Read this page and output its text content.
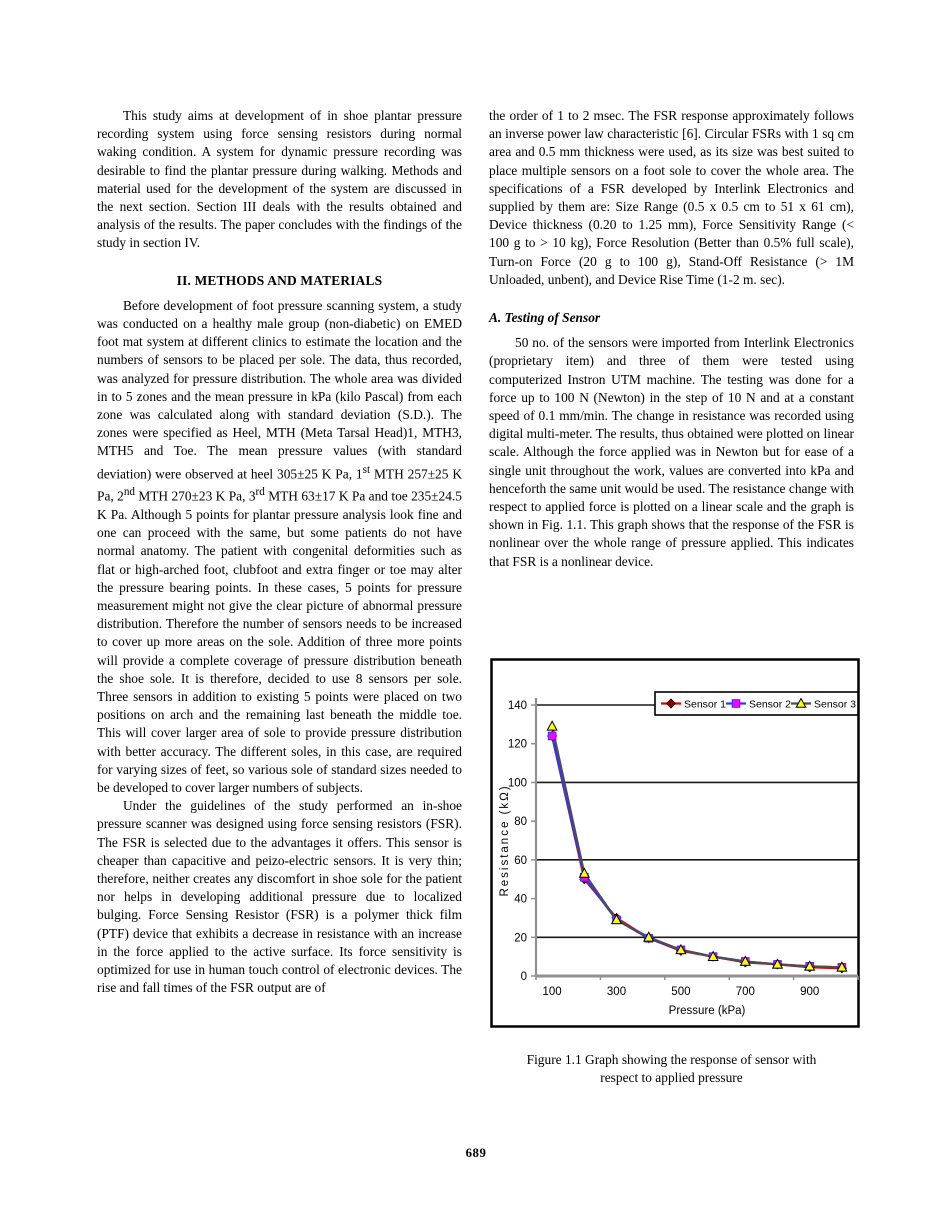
This study aims at development of in shoe plantar pressure recording system using force sensing resistors during normal waking condition. A system for dynamic pressure recording was desirable to find the plantar pressure during walking. Methods and material used for the development of the system are discussed in the next section. Section III deals with the results obtained and analysis of the results. The paper concludes with the findings of the study in section IV.

II. METHODS AND MATERIALS

Before development of foot pressure scanning system, a study was conducted on a healthy male group (non-diabetic) on EMED foot mat system at different clinics to estimate the location and the numbers of sensors to be placed per sole. The data, thus recorded, was analyzed for pressure distribution. The whole area was divided in to 5 zones and the mean pressure in kPa (kilo Pascal) from each zone was calculated along with standard deviation (S.D.). The zones were specified as Heel, MTH (Meta Tarsal Head)1, MTH3, MTH5 and Toe. The mean pressure values (with standard deviation) were observed at heel 305±25 K Pa, 1st MTH 257±25 K Pa, 2nd MTH 270±23 K Pa, 3rd MTH 63±17 K Pa and toe 235±24.5 K Pa. Although 5 points for plantar pressure analysis look fine and one can proceed with the same, but some patients do not have normal anatomy. The patient with congenital deformities such as flat or high-arched foot, clubfoot and extra finger or toe may alter the pressure bearing points. In these cases, 5 points for pressure measurement might not give the clear picture of abnormal pressure distribution. Therefore the number of sensors needs to be increased to cover up more areas on the sole. Addition of three more points will provide a complete coverage of pressure distribution beneath the shoe sole. It is therefore, decided to use 8 sensors per sole. Three sensors in addition to existing 5 points were placed on two positions on arch and the remaining last beneath the middle toe. This will cover larger area of sole to provide pressure distribution with better accuracy. The different soles, in this case, are required for varying sizes of feet, so various sole of standard sizes needed to be developed to cover larger numbers of subjects.

Under the guidelines of the study performed an in-shoe pressure scanner was designed using force sensing resistors (FSR). The FSR is selected due to the advantages it offers. This sensor is cheaper than capacitive and peizo-electric sensors. It is very thin; therefore, neither creates any discomfort in shoe sole for the patient nor helps in developing additional pressure due to localized bulging. Force Sensing Resistor (FSR) is a polymer thick film (PTF) device that exhibits a decrease in resistance with an increase in the force applied to the active surface. Its force sensitivity is optimized for use in human touch control of electronic devices. The rise and fall times of the FSR output are of

the order of 1 to 2 msec. The FSR response approximately follows an inverse power law characteristic [6]. Circular FSRs with 1 sq cm area and 0.5 mm thickness were used, as its size was best suited to place multiple sensors on a foot sole to cover the whole area. The specifications of a FSR developed by Interlink Electronics and supplied by them are: Size Range (0.5 x 0.5 cm to 51 x 61 cm), Device thickness (0.20 to 1.25 mm), Force Sensitivity Range (< 100 g to > 10 kg), Force Resolution (Better than 0.5% full scale), Turn-on Force (20 g to 100 g), Stand-Off Resistance (> 1M Unloaded, unbent), and Device Rise Time (1-2 m. sec).

A. Testing of Sensor

50 no. of the sensors were imported from Interlink Electronics (proprietary item) and three of them were tested using computerized Instron UTM machine. The testing was done for a force up to 100 N (Newton) in the step of 10 N and at a constant speed of 0.1 mm/min. The change in resistance was recorded using digital multi-meter. The results, thus obtained were plotted on linear scale. Although the force applied was in Newton but for ease of a single unit throughout the work, values are converted into kPa and henceforth the same unit would be used. The resistance change with respect to applied force is plotted on a linear scale and the graph is shown in Fig. 1.1. This graph shows that the response of the FSR is nonlinear over the whole range of pressure applied. This indicates that FSR is a nonlinear device.

0
20
40
60
80
100
120
140
100	300	500	700	900
Pressure (kPa)
Resistance (kΩ)
Sensor 1 Sensor 2 Sensor 3
Figure 1.1 Graph showing the response of sensor with
respect to applied pressure
689
